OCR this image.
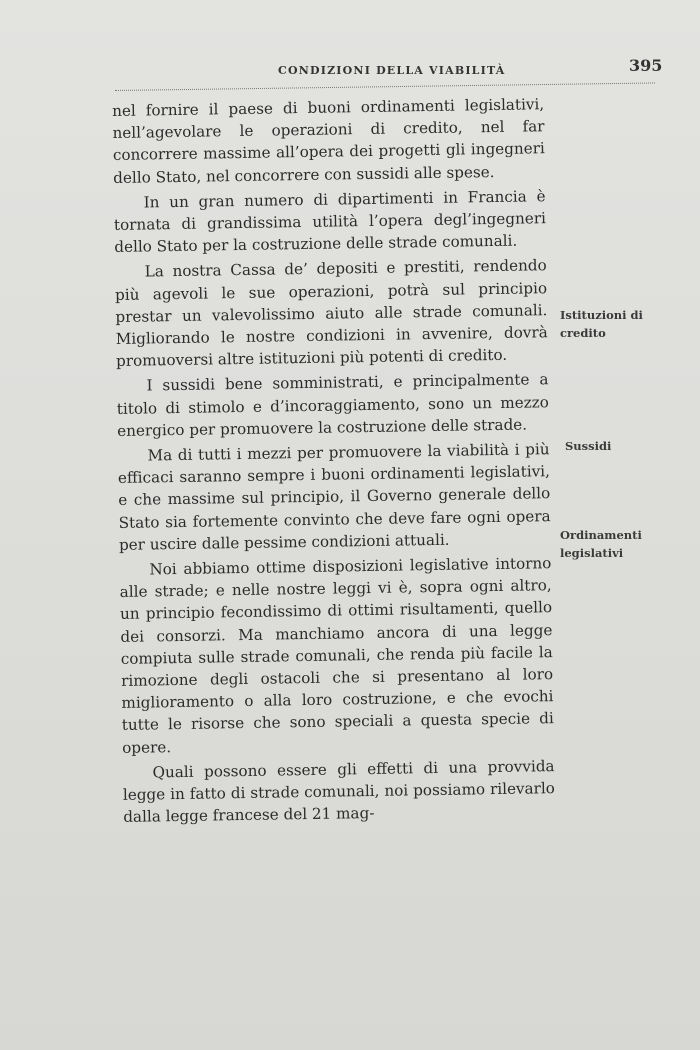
CONDIZIONI DELLA VIABILITÀ	395

nel fornire il paese di buoni ordinamenti legislativi, nell’agevolare le operazioni di credito, nel far concorrere massime all’opera dei progetti gli ingegneri dello Stato, nel concorrere con sussidi alle spese.

In un gran numero di dipartimenti in Francia è tornata di grandissima utilità l’opera degl’ingegneri dello Stato per la costruzione delle strade comunali.

La nostra Cassa de’ depositi e prestiti, rendendo più agevoli le sue operazioni, potrà sul principio prestar un valevolissimo aiuto alle strade comunali. Migliorando le nostre condizioni in avvenire, dovrà promuoversi altre istituzioni più potenti di credito.

I sussidi bene somministrati, e principalmente a titolo di stimolo e d’incoraggiamento, sono un mezzo energico per promuovere la costruzione delle strade.

Ma di tutti i mezzi per promuovere la viabilità i più efficaci saranno sempre i buoni ordinamenti legislativi, e che massime sul principio, il Governo generale dello Stato sia fortemente convinto che deve fare ogni opera per uscire dalle pessime condizioni attuali.

Noi abbiamo ottime disposizioni legislative intorno alle strade; e nelle nostre leggi vi è, sopra ogni altro, un principio fecondissimo di ottimi risultamenti, quello dei consorzi. Ma manchiamo ancora di una legge compiuta sulle strade comunali, che renda più facile la rimozione degli ostacoli che si presentano al loro miglioramento o alla loro costruzione, e che evochi tutte le risorse che sono speciali a questa specie di opere.

Quali possono essere gli effetti di una provvida legge in fatto di strade comunali, noi possiamo rilevarlo dalla legge francese del 21 mag-

Istituzioni di credito
Sussidi
Ordinamenti legislativi
